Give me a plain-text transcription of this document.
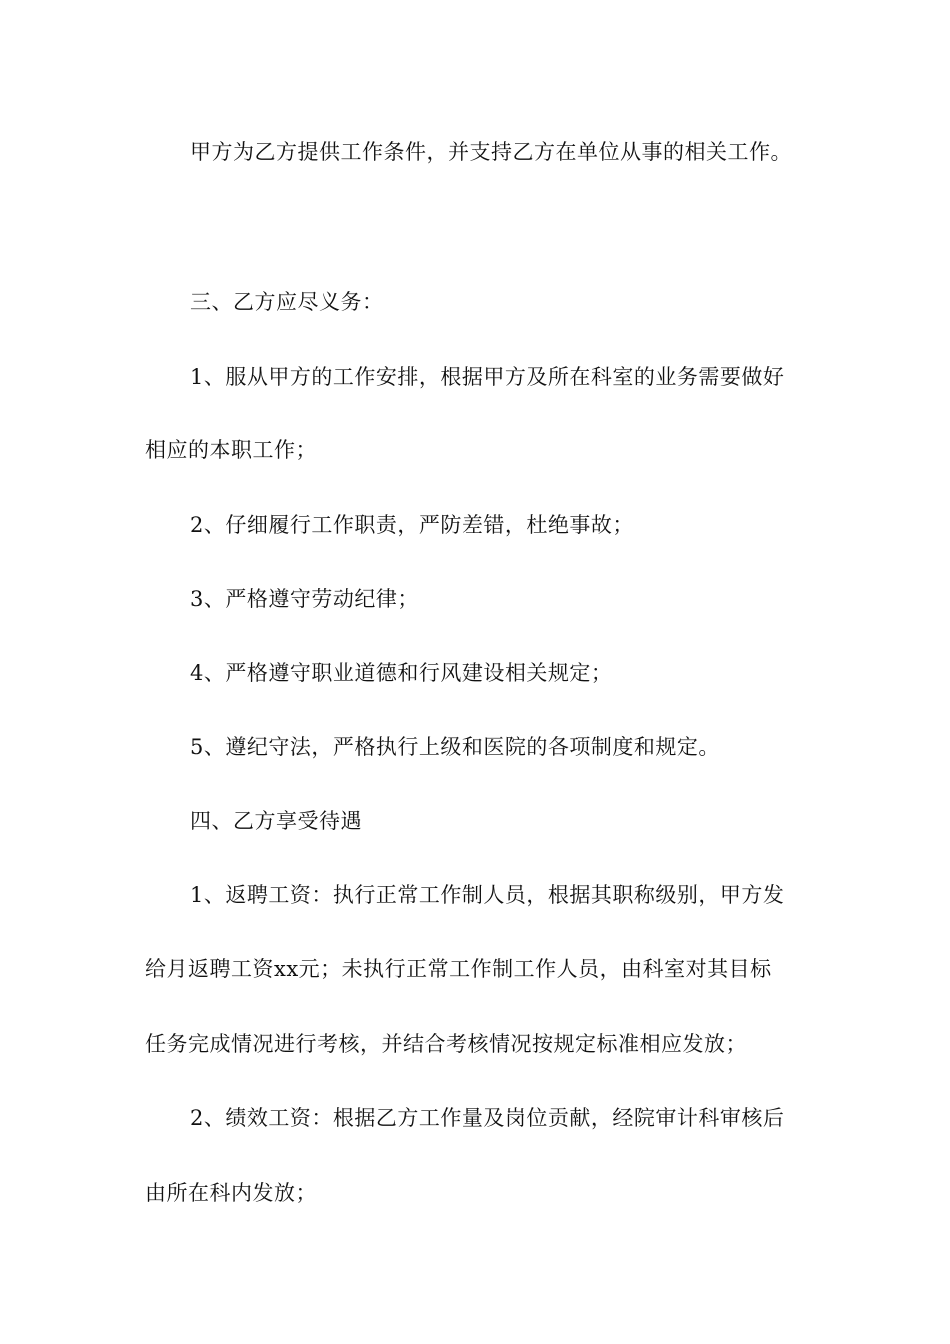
甲方为乙方提供工作条件，并支持乙方在单位从事的相关工作。
三、乙方应尽义务：
1、服从甲方的工作安排，根据甲方及所在科室的业务需要做好
相应的本职工作；
2、仔细履行工作职责，严防差错，杜绝事故；
3、严格遵守劳动纪律；
4、严格遵守职业道德和行风建设相关规定；
5、遵纪守法，严格执行上级和医院的各项制度和规定。
四、乙方享受待遇
1、返聘工资：执行正常工作制人员，根据其职称级别，甲方发
给月返聘工资xx元；未执行正常工作制工作人员，由科室对其目标
任务完成情况进行考核，并结合考核情况按规定标准相应发放；
2、绩效工资：根据乙方工作量及岗位贡献，经院审计科审核后
由所在科内发放；
